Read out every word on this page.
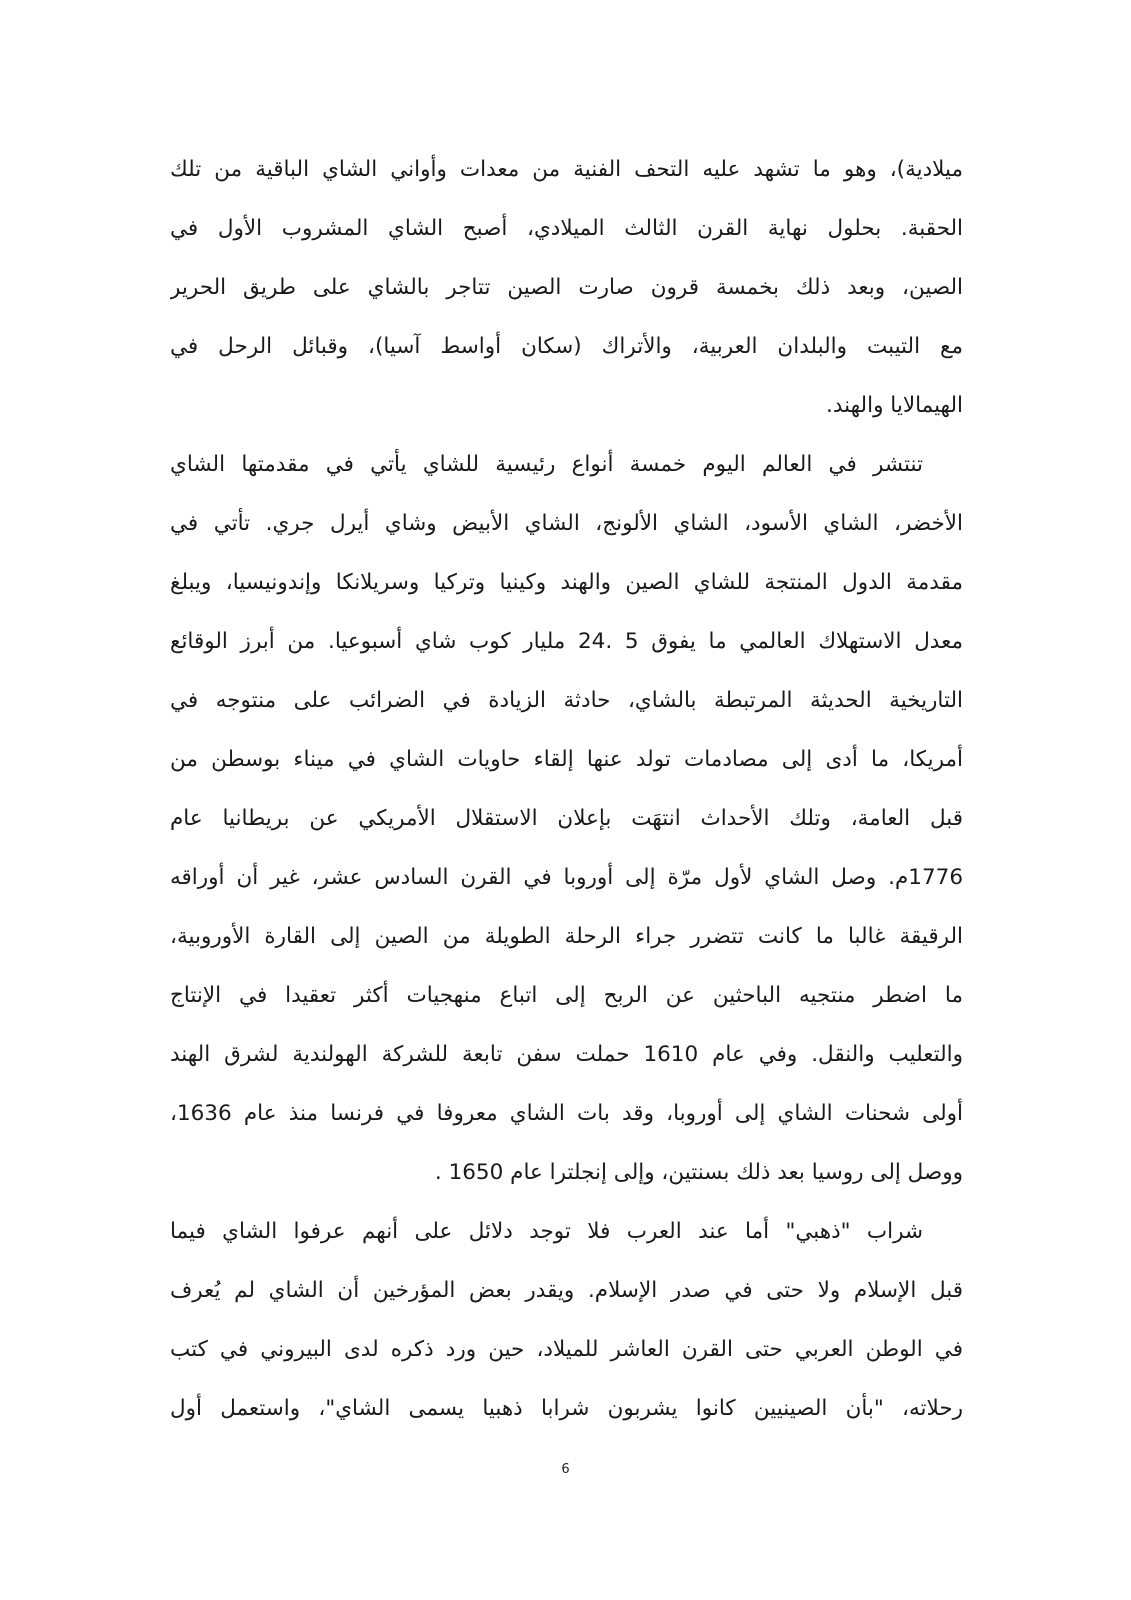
ميلادية)، وهو ما تشهد عليه التحف الفنية من معدات وأواني الشاي الباقية من تلك
الحقبة. بحلول نهاية القرن الثالث الميلادي، أصبح الشاي المشروب الأول في
الصين، وبعد ذلك بخمسة قرون صارت الصين تتاجر بالشاي على طريق الحرير
مع التيبت والبلدان العربية، والأتراك (سكان أواسط آسيا)، وقبائل الرحل في
الهيمالايا والهند.
تنتشر في العالم اليوم خمسة أنواع رئيسية للشاي يأتي في مقدمتها الشاي
الأخضر، الشاي الأسود، الشاي الألونج، الشاي الأبيض وشاي أيرل جري. تأتي في
مقدمة الدول المنتجة للشاي الصين والهند وكينيا وتركيا وسريلانكا وإندونيسيا، ويبلغ
معدل الاستهلاك العالمي ما يفوق 5 .24 مليار كوب شاي أسبوعيا. من أبرز الوقائع
التاريخية الحديثة المرتبطة بالشاي، حادثة الزيادة في الضرائب على منتوجه في
أمريكا، ما أدى إلى مصادمات تولد عنها إلقاء حاويات الشاي في ميناء بوسطن من
قبل العامة، وتلك الأحداث انتهَت بإعلان الاستقلال الأمريكي عن بريطانيا عام
1776م. وصل الشاي لأول مرّة إلى أوروبا في القرن السادس عشر، غير أن أوراقه
الرقيقة غالبا ما كانت تتضرر جراء الرحلة الطويلة من الصين إلى القارة الأوروبية،
ما اضطر منتجيه الباحثين عن الربح إلى اتباع منهجيات أكثر تعقيدا في الإنتاج
والتعليب والنقل. وفي عام 1610 حملت سفن تابعة للشركة الهولندية لشرق الهند
أولى شحنات الشاي إلى أوروبا، وقد بات الشاي معروفا في فرنسا منذ عام 1636،
ووصل إلى روسيا بعد ذلك بسنتين، وإلى إنجلترا عام 1650 .
شراب "ذهبي" أما عند العرب فلا توجد دلائل على أنهم عرفوا الشاي فيما
قبل الإسلام ولا حتى في صدر الإسلام. ويقدر بعض المؤرخين أن الشاي لم يُعرف
في الوطن العربي حتى القرن العاشر للميلاد، حين ورد ذكره لدى البيروني في كتب
رحلاته، "بأن الصينيين كانوا يشربون شرابا ذهبيا يسمى الشاي"، واستعمل أول
6
